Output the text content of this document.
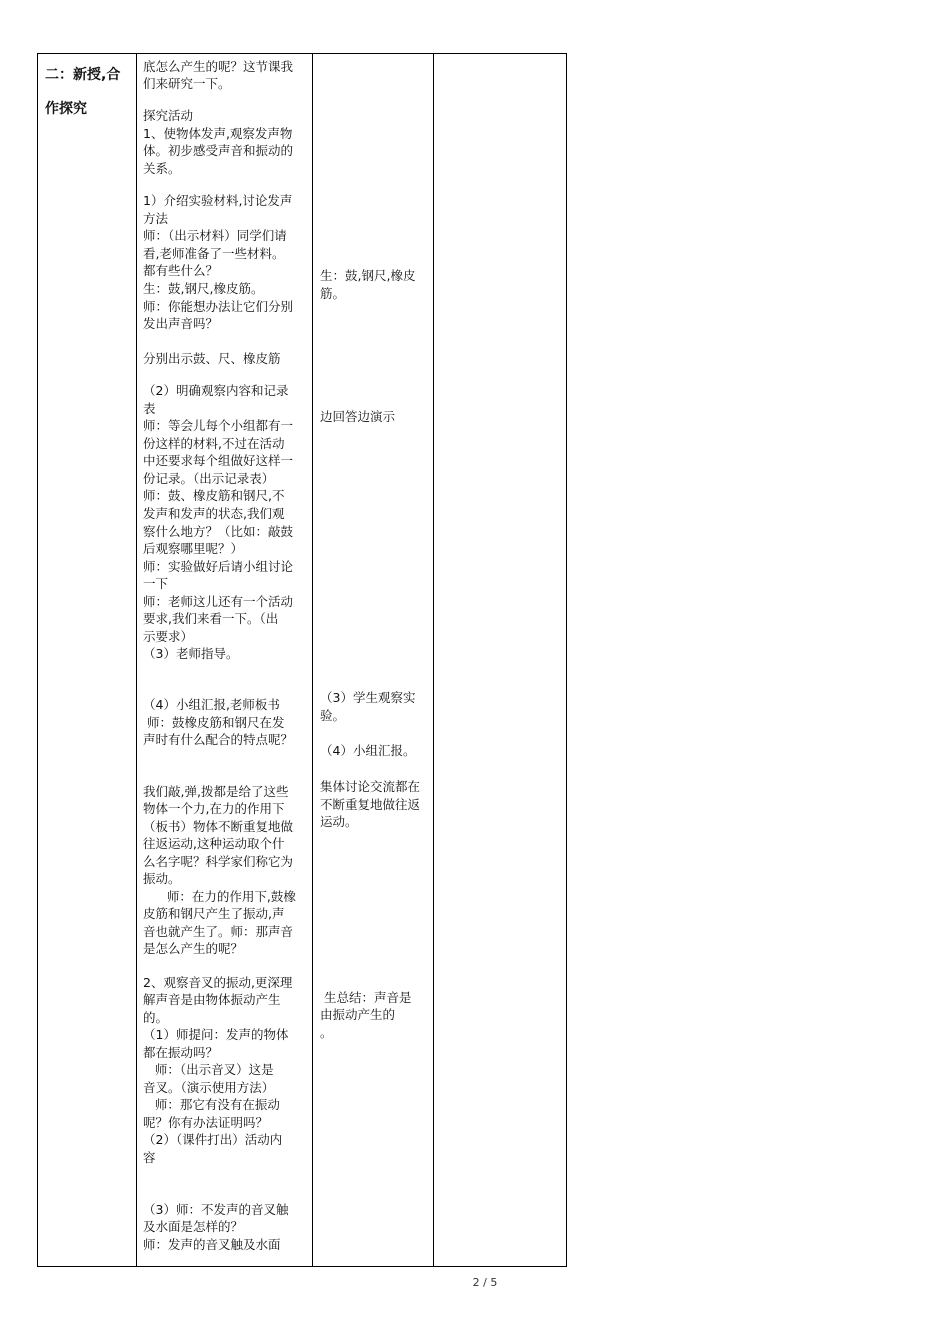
二：新授,合
作探究

底怎么产生的呢？这节课我

们来研究一下。

探究活动

1、使物体发声,观察发声物

体。初步感受声音和振动的

关系。

1）介绍实验材料,讨论发声

方法

师：（出示材料）同学们请

看,老师准备了一些材料。

都有些什么？

生：鼓,钢尺,橡皮筋。

师：你能想办法让它们分别

发出声音吗？

分别出示鼓、尺、橡皮筋

（2）明确观察内容和记录

表

师：等会儿每个小组都有一

份这样的材料,不过在活动

中还要求每个组做好这样一

份记录。（出示记录表）

师：鼓、橡皮筋和钢尺,不

发声和发声的状态,我们观

察什么地方？（比如：敲鼓

后观察哪里呢？）

师：实验做好后请小组讨论

一下

师：老师这儿还有一个活动

要求,我们来看一下。（出

示要求）

（3）老师指导。

（4）小组汇报,老师板书

师：鼓橡皮筋和钢尺在发

声时有什么配合的特点呢？

我们敲,弹,拨都是给了这些

物体一个力,在力的作用下

（板书）物体不断重复地做

往返运动,这种运动取个什

么名字呢？科学家们称它为

振动。

师：在力的作用下,鼓橡

皮筋和钢尺产生了振动,声

音也就产生了。师：那声音

是怎么产生的呢？

2、观察音叉的振动,更深理

解声音是由物体振动产生

的。

（1）师提问：发声的物体

都在振动吗？

师：（出示音叉）这是

音叉。（演示使用方法）

师：那它有没有在振动

呢？你有办法证明吗？

（2）（课件打出）活动内

容

（3）师：不发声的音叉触

及水面是怎样的？

师：发声的音叉触及水面

生：鼓,钢尺,橡皮

筋。

边回答边演示

（3）学生观察实

验。

（4）小组汇报。

集体讨论交流都在

不断重复地做往返

运动。

生总结：声音是

由振动产生的

。

2 / 5
